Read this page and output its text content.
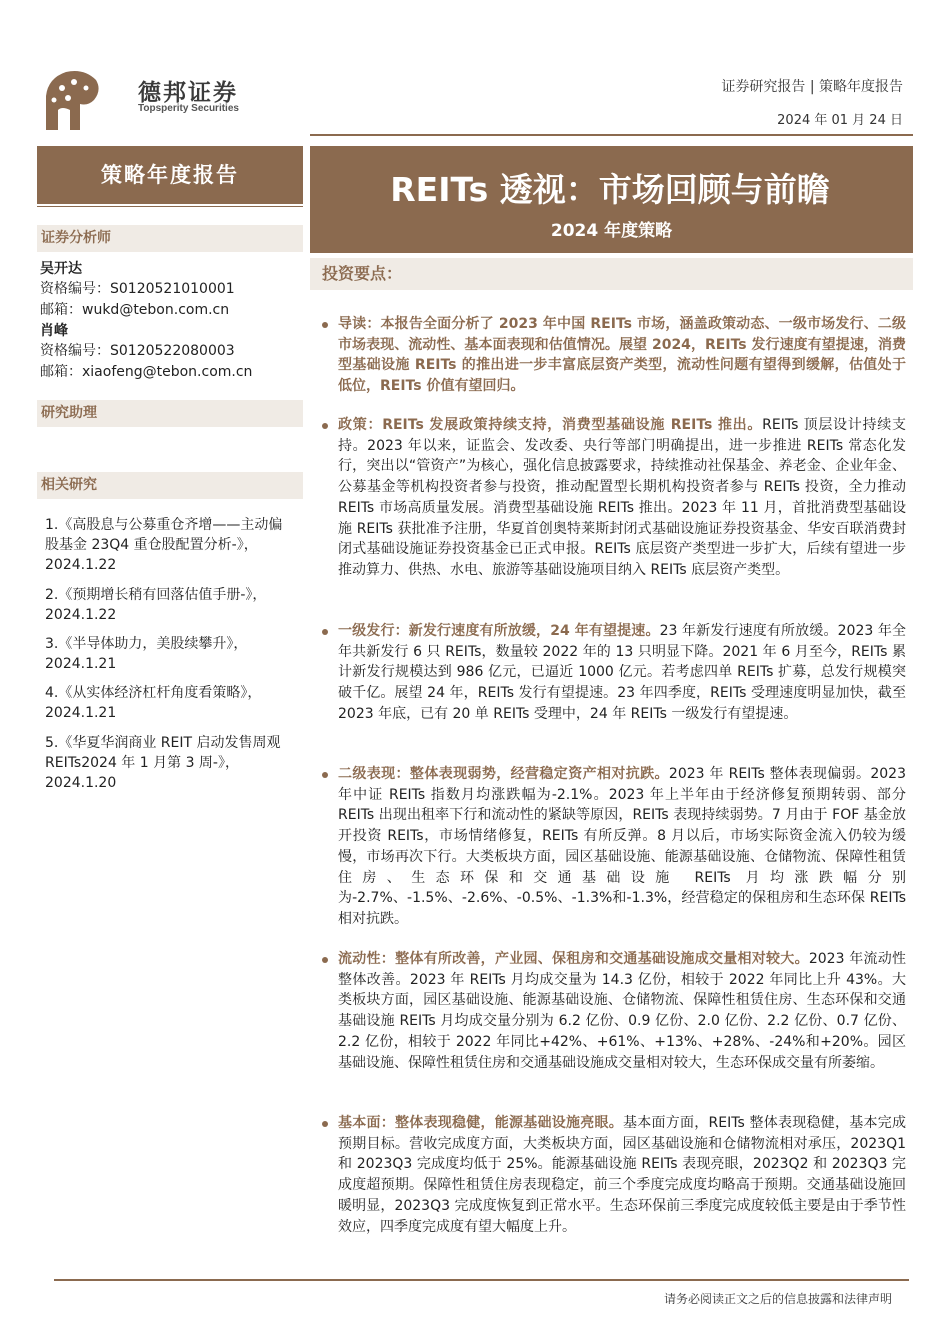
德邦证券
Topsperity Securities
证券研究报告 | 策略年度报告
2024 年 01 月 24 日
策略年度报告
证券分析师
吴开达
资格编号：S0120521010001
邮箱：wukd@tebon.com.cn
肖峰
资格编号：S0120522080003
邮箱：xiaofeng@tebon.com.cn
研究助理
相关研究
1.《高股息与公募重仓齐增——主动偏股基金 23Q4 重仓股配置分析-》，2024.1.22
2.《预期增长稍有回落估值手册-》，2024.1.22
3.《半导体助力，美股续攀升》，2024.1.21
4.《从实体经济杠杆角度看策略》，2024.1.21
5.《华夏华润商业 REIT 启动发售周观 REITs2024 年 1 月第 3 周-》，2024.1.20
REITs 透视：市场回顾与前瞻
2024 年度策略
投资要点：
导读：本报告全面分析了 2023 年中国 REITs 市场，涵盖政策动态、一级市场发行、二级市场表现、流动性、基本面表现和估值情况。展望 2024，REITs 发行速度有望提速，消费型基础设施 REITs 的推出进一步丰富底层资产类型，流动性问题有望得到缓解，估值处于低位，REITs 价值有望回归。
政策：REITs 发展政策持续支持，消费型基础设施 REITs 推出。REITs 顶层设计持续支持。2023 年以来，证监会、发改委、央行等部门明确提出，进一步推进 REITs 常态化发行，突出以“管资产”为核心，强化信息披露要求，持续推动社保基金、养老金、企业年金、公募基金等机构投资者参与投资，推动配置型长期机构投资者参与 REITs 投资，全力推动 REITs 市场高质量发展。消费型基础设施 REITs 推出。2023 年 11 月，首批消费型基础设施 REITs 获批准予注册，华夏首创奥特莱斯封闭式基础设施证券投资基金、华安百联消费封闭式基础设施证券投资基金已正式申报。REITs 底层资产类型进一步扩大，后续有望进一步推动算力、供热、水电、旅游等基础设施项目纳入 REITs 底层资产类型。
一级发行：新发行速度有所放缓，24 年有望提速。23 年新发行速度有所放缓。2023 年全年共新发行 6 只 REITs，数量较 2022 年的 13 只明显下降。2021 年 6 月至今，REITs 累计新发行规模达到 986 亿元，已逼近 1000 亿元。若考虑四单 REITs 扩募，总发行规模突破千亿。展望 24 年，REITs 发行有望提速。23 年四季度，REITs 受理速度明显加快，截至 2023 年底，已有 20 单 REITs 受理中，24 年 REITs 一级发行有望提速。
二级表现：整体表现弱势，经营稳定资产相对抗跌。2023 年 REITs 整体表现偏弱。2023 年中证 REITs 指数月均涨跌幅为-2.1%。2023 年上半年由于经济修复预期转弱、部分 REITs 出现出租率下行和流动性的紧缺等原因，REITs 表现持续弱势。7 月由于 FOF 基金放开投资 REITs，市场情绪修复，REITs 有所反弹。8 月以后，市场实际资金流入仍较为缓慢，市场再次下行。大类板块方面，园区基础设施、能源基础设施、仓储物流、保障性租赁住房、生态环保和交通基础设施 REITs 月均涨跌幅分别为-2.7%、-1.5%、-2.6%、-0.5%、-1.3%和-1.3%，经营稳定的保租房和生态环保 REITs 相对抗跌。
流动性：整体有所改善，产业园、保租房和交通基础设施成交量相对较大。2023 年流动性整体改善。2023 年 REITs 月均成交量为 14.3 亿份，相较于 2022 年同比上升 43%。大类板块方面，园区基础设施、能源基础设施、仓储物流、保障性租赁住房、生态环保和交通基础设施 REITs 月均成交量分别为 6.2 亿份、0.9 亿份、2.0 亿份、2.2 亿份、0.7 亿份、2.2 亿份，相较于 2022 年同比+42%、+61%、+13%、+28%、-24%和+20%。园区基础设施、保障性租赁住房和交通基础设施成交量相对较大，生态环保成交量有所萎缩。
基本面：整体表现稳健，能源基础设施亮眼。基本面方面，REITs 整体表现稳健，基本完成预期目标。营收完成度方面，大类板块方面，园区基础设施和仓储物流相对承压，2023Q1 和 2023Q3 完成度均低于 25%。能源基础设施 REITs 表现亮眼，2023Q2 和 2023Q3 完成度超预期。保障性租赁住房表现稳定，前三个季度完成度均略高于预期。交通基础设施回暖明显，2023Q3 完成度恢复到正常水平。生态环保前三季度完成度较低主要是由于季节性效应，四季度完成度有望大幅度上升。
请务必阅读正文之后的信息披露和法律声明
